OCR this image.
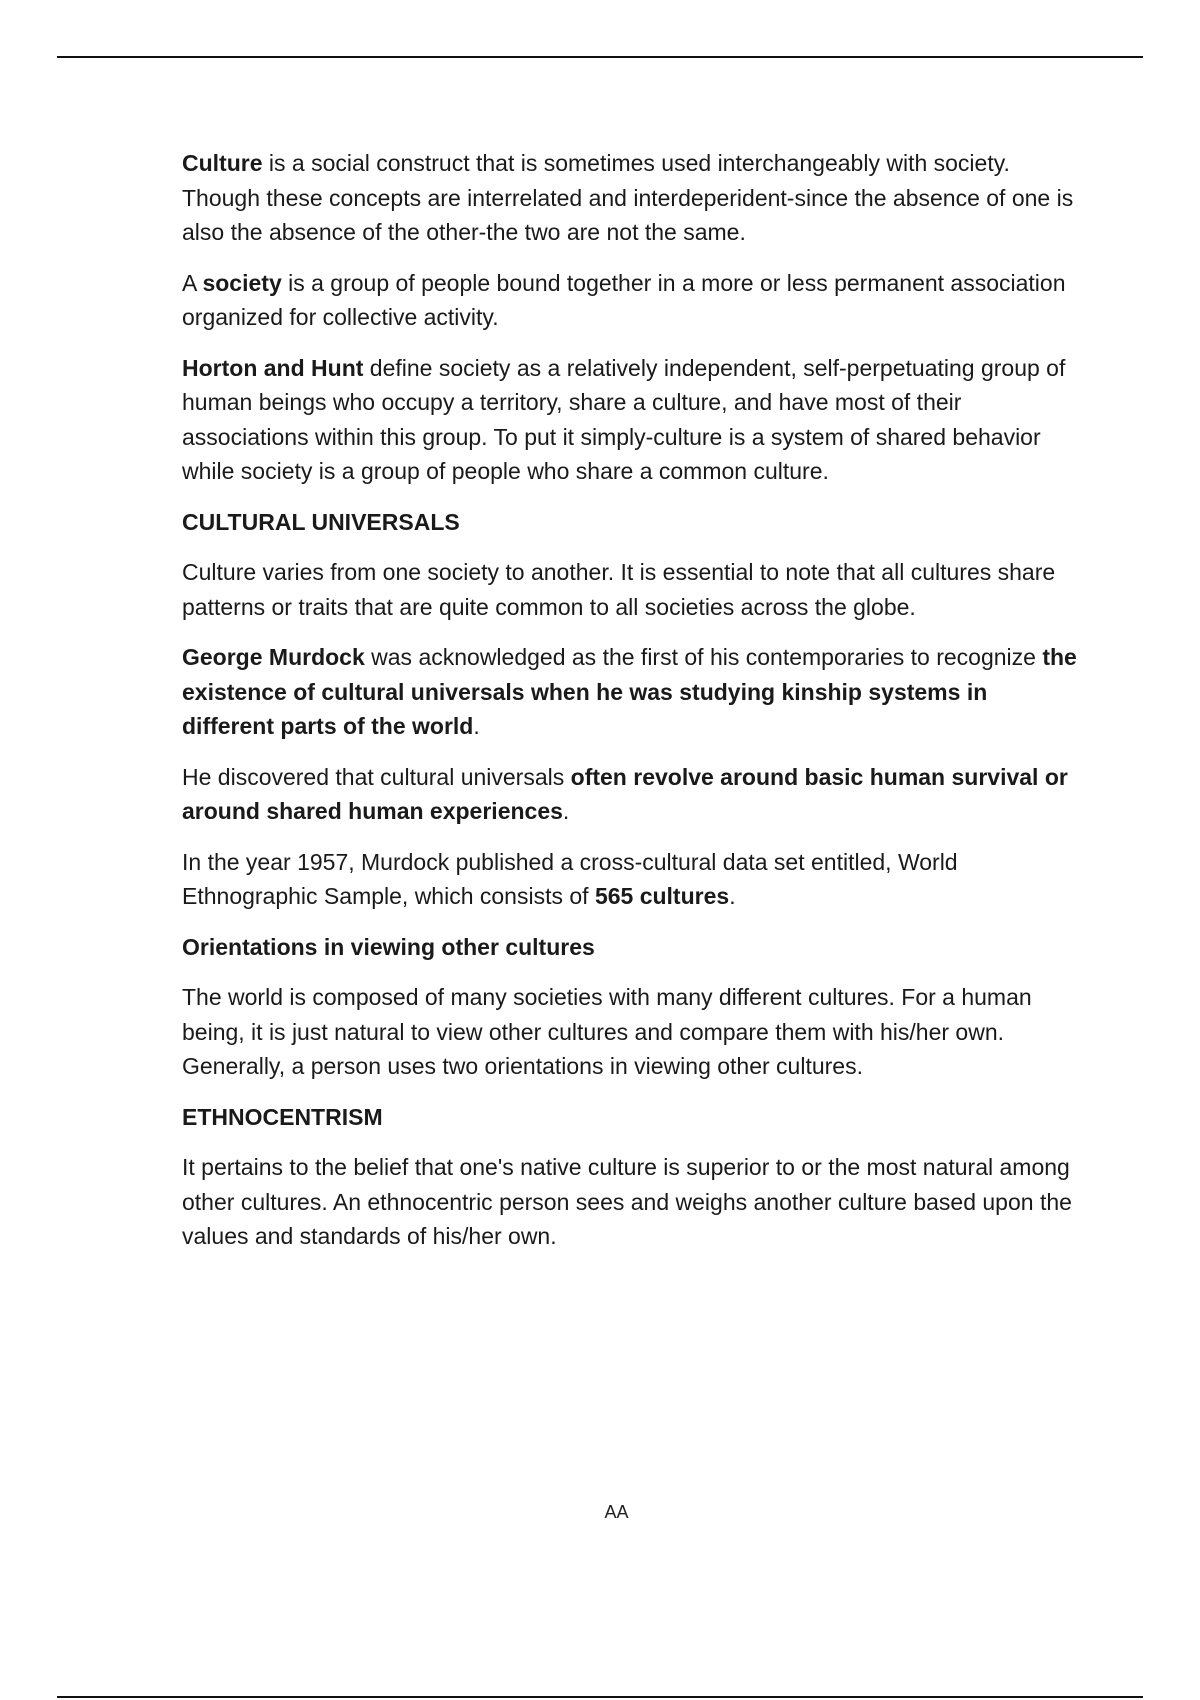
Culture is a social construct that is sometimes used interchangeably with society. Though these concepts are interrelated and interdeperident-since the absence of one is also the absence of the other-the two are not the same.

A society is a group of people bound together in a more or less permanent association organized for collective activity.

Horton and Hunt define society as a relatively independent, self-perpetuating group of human beings who occupy a territory, share a culture, and have most of their associations within this group. To put it simply-culture is a system of shared behavior while society is a group of people who share a common culture.

CULTURAL UNIVERSALS

Culture varies from one society to another. It is essential to note that all cultures share patterns or traits that are quite common to all societies across the globe.

George Murdock was acknowledged as the first of his contemporaries to recognize the existence of cultural universals when he was studying kinship systems in different parts of the world.

He discovered that cultural universals often revolve around basic human survival or around shared human experiences.

In the year 1957, Murdock published a cross-cultural data set entitled, World Ethnographic Sample, which consists of 565 cultures.

Orientations in viewing other cultures

The world is composed of many societies with many different cultures. For a human being, it is just natural to view other cultures and compare them with his/her own. Generally, a person uses two orientations in viewing other cultures.

ETHNOCENTRISM

It pertains to the belief that one's native culture is superior to or the most natural among other cultures. An ethnocentric person sees and weighs another culture based upon the values and standards of his/her own.

AA
